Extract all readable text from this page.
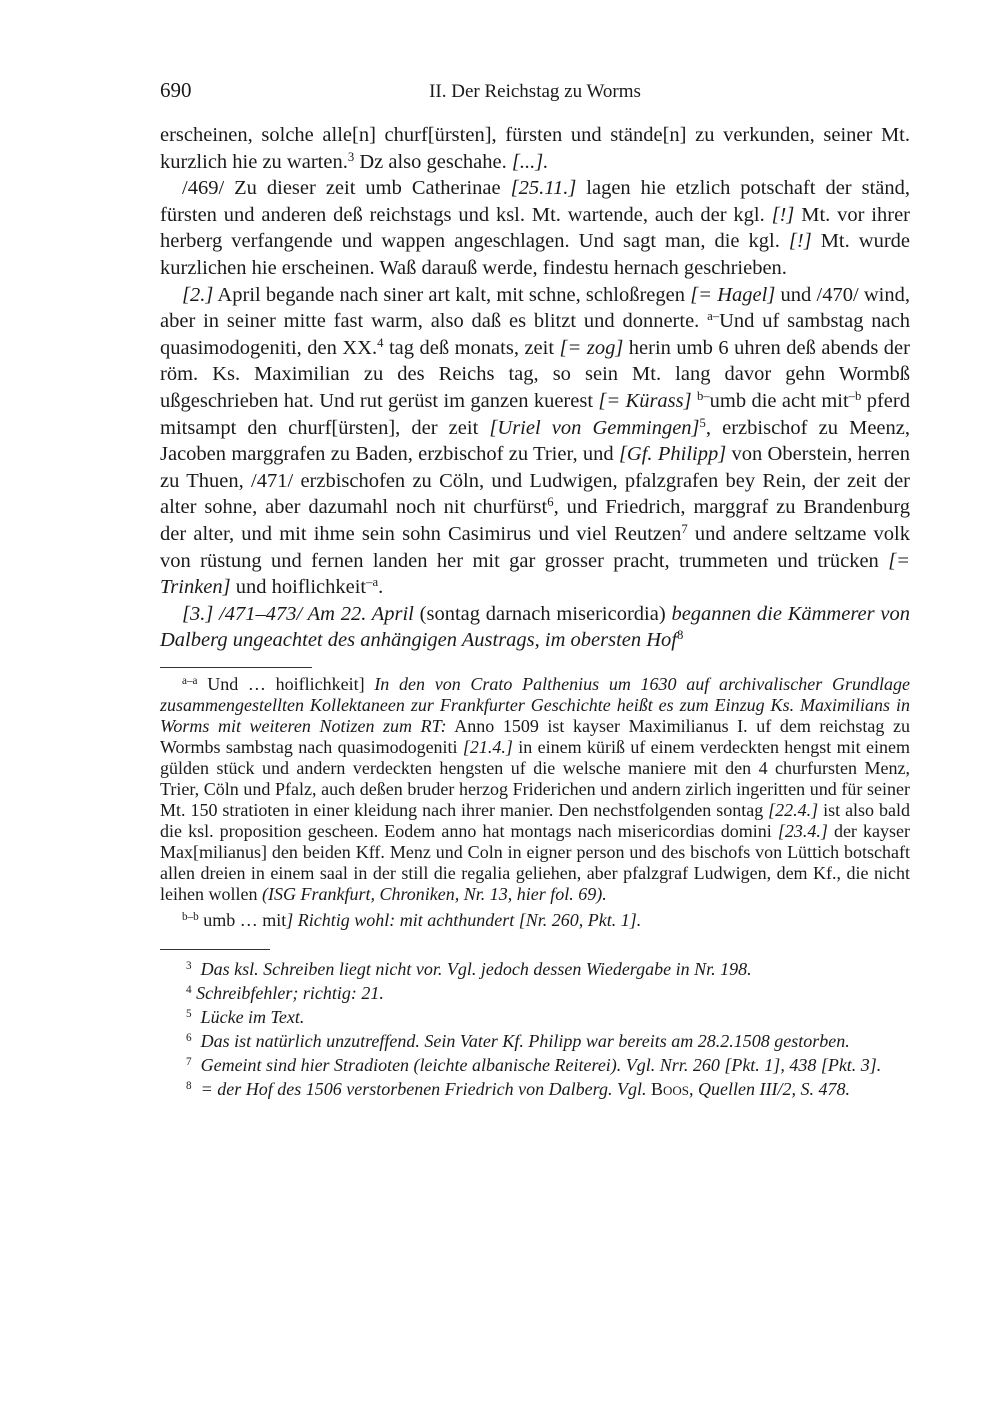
690	II. Der Reichstag zu Worms

erscheinen, solche alle[n] churf[ürsten], fürsten und stände[n] zu verkunden, seiner Mt. kurzlich hie zu warten.$^3$ Dz also geschahe. [...].

/469/ Zu dieser zeit umb Catherinae [25.11.] lagen hie etzlich potschaft der ständ, fürsten und anderen deß reichstags und ksl. Mt. wartende, auch der kgl. [!] Mt. vor ihrer herberg verfangende und wappen angeschlagen. Und sagt man, die kgl. [!] Mt. wurde kurzlichen hie erscheinen. Waß darauß werde, findestu hernach geschrieben.

[2.] April begande nach siner art kalt, mit schne, schloßregen [= Hagel] und /470/ wind, aber in seiner mitte fast warm, also daß es blitzt und donnerte. $^{a-}$Und uf sambstag nach quasimodogeniti, den XX.$^4$ tag deß monats, zeit [= zog] herin umb 6 uhren deß abends der röm. Ks. Maximilian zu des Reichs tag, so sein Mt. lang davor gehn Wormbß ußgeschrieben hat. Und rut gerüst im ganzen kuerest [= Kürass] $^{b-}$umb die acht mit$^{-b}$ pferd mitsampt den churf[ürsten], der zeit [Uriel von Gemmingen]$^5$, erzbischof zu Meenz, Jacoben marggrafen zu Baden, erzbischof zu Trier, und [Gf. Philipp] von Oberstein, herren zu Thuen, /471/ erzbischofen zu Cöln, und Ludwigen, pfalzgrafen bey Rein, der zeit der alter sohne, aber dazumahl noch nit churfürst$^6$, und Friedrich, marggraf zu Brandenburg der alter, und mit ihme sein sohn Casimirus und viel Reutzen$^7$ und andere seltzame volk von rüstung und fernen landen her mit gar grosser pracht, trummeten und trücken [= Trinken] und hoiflichkeit$^{-a}$.

[3.] /471–473/ Am 22. April (sontag darnach misericordia) begannen die Kämmerer von Dalberg ungeachtet des anhängigen Austrags, im obersten Hof$^8$

$^{a-a}$ Und … hoiflichkeit] In den von Crato Palthenius um 1630 auf archivalischer Grundlage zusammengestellten Kollektaneen zur Frankfurter Geschichte heißt es zum Einzug Ks. Maximilians in Worms mit weiteren Notizen zum RT: Anno 1509 ist kayser Maximilianus I. uf dem reichstag zu Wormbs sambstag nach quasimodogeniti [21.4.] in einem küriß uf einem verdeckten hengst mit einem gülden stück und andern verdeckten hengsten uf die welsche maniere mit den 4 churfursten Menz, Trier, Cöln und Pfalz, auch deßen bruder herzog Friderichen und andern zirlich ingeritten und für seiner Mt. 150 stratioten in einer kleidung nach ihrer manier. Den nechstfolgenden sontag [22.4.] ist also bald die ksl. proposition gescheen. Eodem anno hat montags nach misericordias domini [23.4.] der kayser Max[milianus] den beiden Kff. Menz und Coln in eigner person und des bischofs von Lüttich botschaft allen dreien in einem saal in der still die regalia geliehen, aber pfalzgraf Ludwigen, dem Kf., die nicht leihen wollen (ISG Frankfurt, Chroniken, Nr. 13, hier fol. 69).

$^{b-b}$ umb … mit] Richtig wohl: mit achthundert [Nr. 260, Pkt. 1].

$^3$ Das ksl. Schreiben liegt nicht vor. Vgl. jedoch dessen Wiedergabe in Nr. 198.

$^4$ Schreibfehler; richtig: 21.

$^5$ Lücke im Text.

$^6$ Das ist natürlich unzutreffend. Sein Vater Kf. Philipp war bereits am 28.2.1508 gestorben.

$^7$ Gemeint sind hier Stradioten (leichte albanische Reiterei). Vgl. Nrr. 260 [Pkt. 1], 438 [Pkt. 3].

$^8$ = der Hof des 1506 verstorbenen Friedrich von Dalberg. Vgl. Boos, Quellen III/2, S. 478.
